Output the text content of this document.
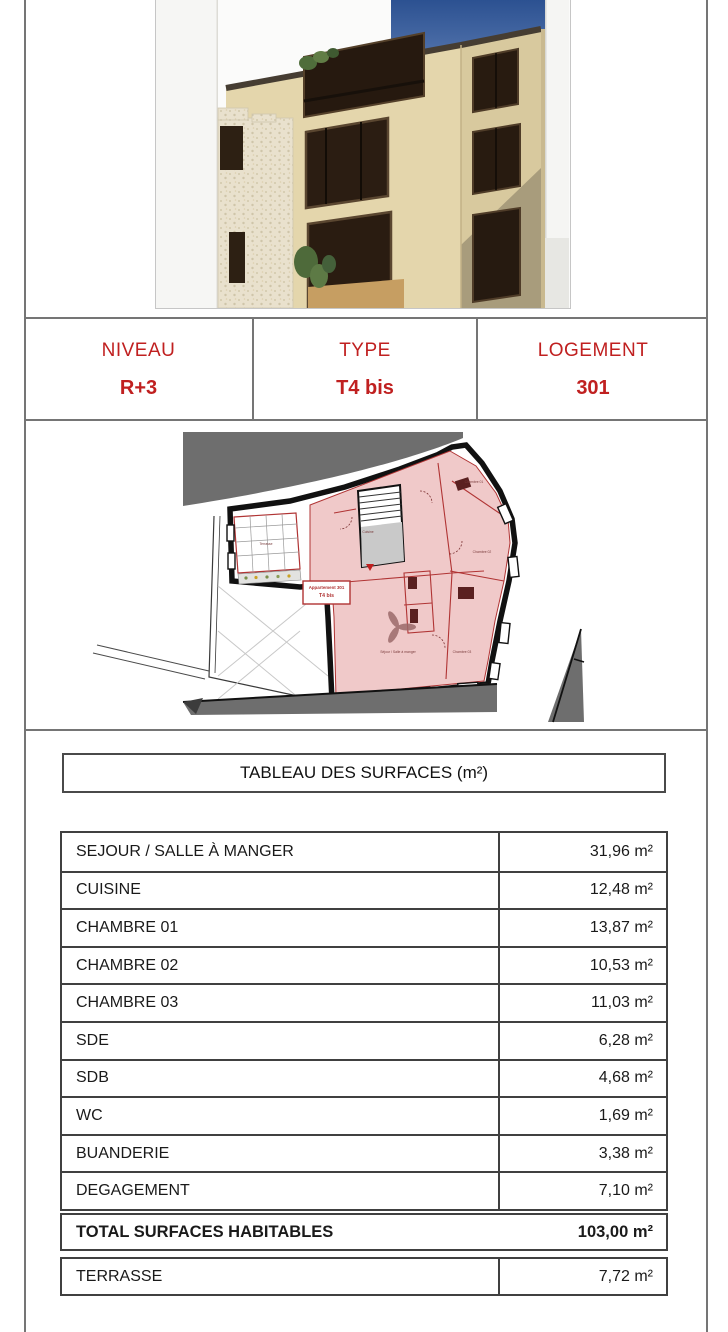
NIVEAU
R+3
TYPE
T4 bis
LOGEMENT
301
Appartement 301
T4 bis
Cuisine
Chambre 01
Chambre 02
Chambre 03
Séjour / Salle à manger
Terrasse
TABLEAU DES SURFACES (m²)
SEJOUR / SALLE À MANGER	31,96 m²
CUISINE	12,48 m²
CHAMBRE 01	13,87 m²
CHAMBRE 02	10,53 m²
CHAMBRE 03	11,03 m²
SDE	6,28 m²
SDB	4,68 m²
WC	1,69 m²
BUANDERIE	3,38 m²
DEGAGEMENT	7,10 m²
TOTAL SURFACES HABITABLES	103,00 m²
TERRASSE	7,72 m²
